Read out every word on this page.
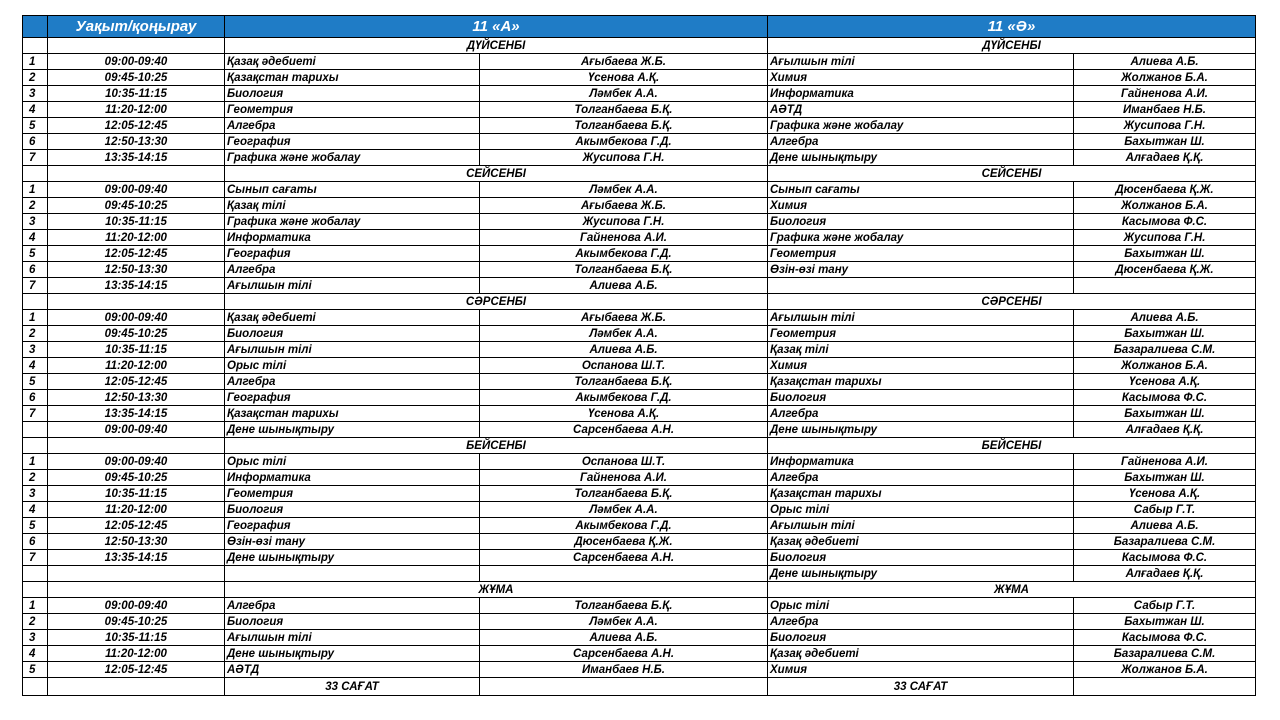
	Уақыт/қоңырау	11 «А»		11 «Ә»	
		ДҮЙСЕНБІ		ДҮЙСЕНБІ	
1	09:00-09:40	Қазақ әдебиеті	Ағыбаева Ж.Б.	Ағылшын тілі	Алиева А.Б.
2	09:45-10:25	Қазақстан тарихы	Үсенова А.Қ.	Химия	Жолжанов Б.А.
3	10:35-11:15	Биология	Ләмбек А.А.	Информатика	Гайненова А.И.
4	11:20-12:00	Геометрия	Толганбаева Б.Қ.	АӘТД	Иманбаев Н.Б.
5	12:05-12:45	Алгебра	Толганбаева Б.Қ.	Графика және жобалау	Жусипова Г.Н.
6	12:50-13:30	География	Акымбекова Г.Д.	Алгебра	Бахытжан Ш.
7	13:35-14:15	Графика және жобалау	Жусипова Г.Н.	Дене шынықтыру	Алғадаев Қ.Қ.
		СЕЙСЕНБІ		СЕЙСЕНБІ	
1	09:00-09:40	Сынып сағаты	Ләмбек А.А.	Сынып сағаты	Дюсенбаева Қ.Ж.
2	09:45-10:25	Қазақ тілі	Ағыбаева Ж.Б.	Химия	Жолжанов Б.А.
3	10:35-11:15	Графика және жобалау	Жусипова Г.Н.	Биология	Касымова Ф.С.
4	11:20-12:00	Информатика	Гайненова А.И.	Графика және жобалау	Жусипова Г.Н.
5	12:05-12:45	География	Акымбекова Г.Д.	Геометрия	Бахытжан Ш.
6	12:50-13:30	Алгебра	Толганбаева Б.Қ.	Өзін-өзі тану	Дюсенбаева Қ.Ж.
7	13:35-14:15	Ағылшын тілі	Алиева А.Б.		
		СӘРСЕНБІ		СӘРСЕНБІ	
1	09:00-09:40	Қазақ әдебиеті	Ағыбаева Ж.Б.	Ағылшын тілі	Алиева А.Б.
2	09:45-10:25	Биология	Ләмбек А.А.	Геометрия	Бахытжан Ш.
3	10:35-11:15	Ағылшын тілі	Алиева А.Б.	Қазақ тілі	Базаралиева С.М.
4	11:20-12:00	Орыс тілі	Оспанова Ш.Т.	Химия	Жолжанов Б.А.
5	12:05-12:45	Алгебра	Толганбаева Б.Қ.	Қазақстан тарихы	Үсенова А.Қ.
6	12:50-13:30	География	Акымбекова Г.Д.	Биология	Касымова Ф.С.
7	13:35-14:15	Қазақстан тарихы	Үсенова А.Қ.	Алгебра	Бахытжан Ш.
	09:00-09:40	Дене шынықтыру	Сарсенбаева А.Н.	Дене шынықтыру	Алғадаев Қ.Қ.
		БЕЙСЕНБІ		БЕЙСЕНБІ	
1	09:00-09:40	Орыс тілі	Оспанова Ш.Т.	Информатика	Гайненова А.И.
2	09:45-10:25	Информатика	Гайненова А.И.	Алгебра	Бахытжан Ш.
3	10:35-11:15	Геометрия	Толганбаева Б.Қ.	Қазақстан тарихы	Үсенова А.Қ.
4	11:20-12:00	Биология	Ләмбек А.А.	Орыс тілі	Сабыр Г.Т.
5	12:05-12:45	География	Акымбекова Г.Д.	Ағылшын тілі	Алиева А.Б.
6	12:50-13:30	Өзін-өзі тану	Дюсенбаева Қ.Ж.	Қазақ әдебиеті	Базаралиева С.М.
7	13:35-14:15	Дене шынықтыру	Сарсенбаева А.Н.	Биология	Касымова Ф.С.
				Дене шынықтыру	Алғадаев Қ.Қ.
		ЖҰМА		ЖҰМА	
1	09:00-09:40	Алгебра	Толганбаева Б.Қ.	Орыс тілі	Сабыр Г.Т.
2	09:45-10:25	Биология	Ләмбек А.А.	Алгебра	Бахытжан Ш.
3	10:35-11:15	Ағылшын тілі	Алиева А.Б.	Биология	Касымова Ф.С.
4	11:20-12:00	Дене шынықтыру	Сарсенбаева А.Н.	Қазақ әдебиеті	Базаралиева С.М.
5	12:05-12:45	АӘТД	Иманбаев Н.Б.	Химия	Жолжанов Б.А.
		33 САҒАТ		33 САҒАТ	
